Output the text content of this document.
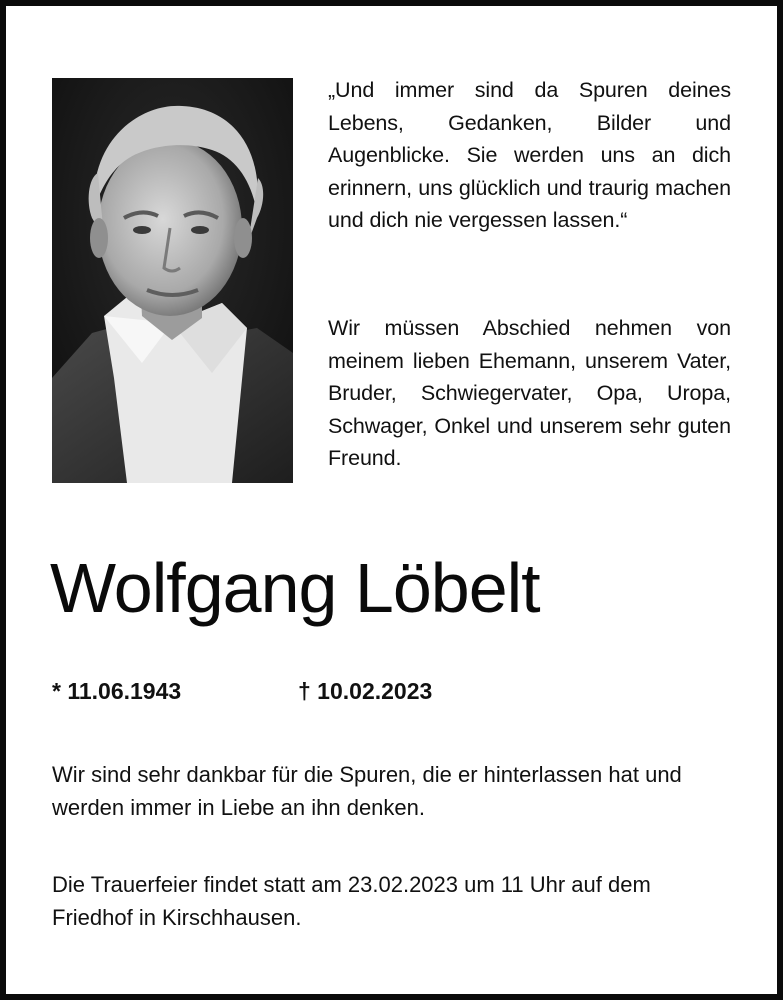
„Und immer sind da Spuren deines Lebens, Gedanken, Bilder und Augenblicke. Sie werden uns an dich erinnern, uns glücklich und traurig machen und dich nie vergessen lassen.“

Wir müssen Abschied nehmen von meinem lieben Ehemann, unserem Vater, Bruder, Schwiegervater, Opa, Uropa, Schwager, Onkel und unserem sehr guten Freund.
Wolfgang Löbelt
* 11.06.1943	† 10.02.2023
Wir sind sehr dankbar für die Spuren, die er hinterlassen hat und werden immer in Liebe an ihn denken.
Die Trauerfeier findet statt am 23.02.2023 um 11 Uhr auf dem Friedhof in Kirschhausen.
